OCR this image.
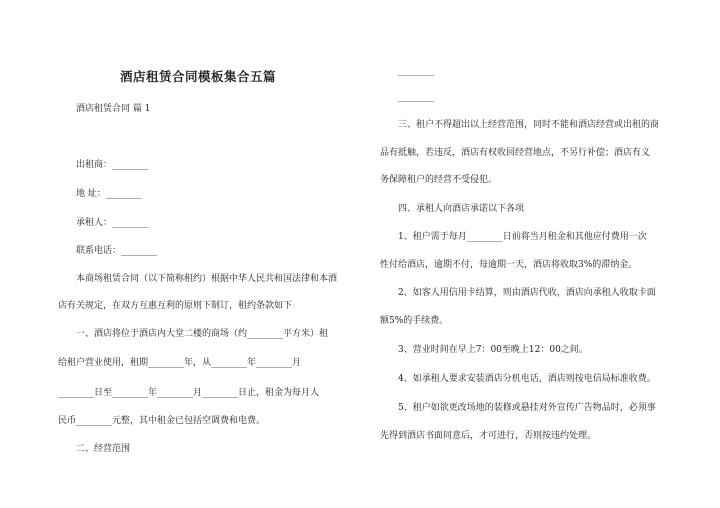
酒店租赁合同模板集合五篇

酒店租赁合同 篇 1

出租商：________

地 址：________

承租人：________

联系电话：________

本商场租赁合同（以下简称租约）根据中华人民共和国法律和本酒

店有关规定，在双方互惠互利的原则下制订，租约条款如下

一、酒店将位于酒店内大堂二楼的商场（约________平方米）租

给租户营业使用，租期________年，从________年________月

________日至________年________月________日止，租金为每月人

民币________元整，其中租金已包括空调费和电费。

二、经营范围

________

________

三、租户不得超出以上经营范围，同时不能和酒店经营或出租的商

品有抵触，若违反，酒店有权收回经营地点，不另行补偿；酒店有义

务保障租户的经营不受侵犯。

四、承租人向酒店承诺以下各项

1、租户需于每月________日前将当月租金和其他应付费用一次

性付给酒店，逾期不付，每逾期一天，酒店将收取3%的滞纳金。

2、如客人用信用卡结算，则由酒店代收，酒店向承租人收取卡面

额5%的手续费。

3、营业时间在早上7：00至晚上12：00之间。

4、如承租人要求安装酒店分机电话，酒店则按电信局标准收费。

5、租户如欲更改场地的装修或悬挂对外宣传广告物品时，必须事

先得到酒店书面同意后，才可进行，否则按违约处理。
